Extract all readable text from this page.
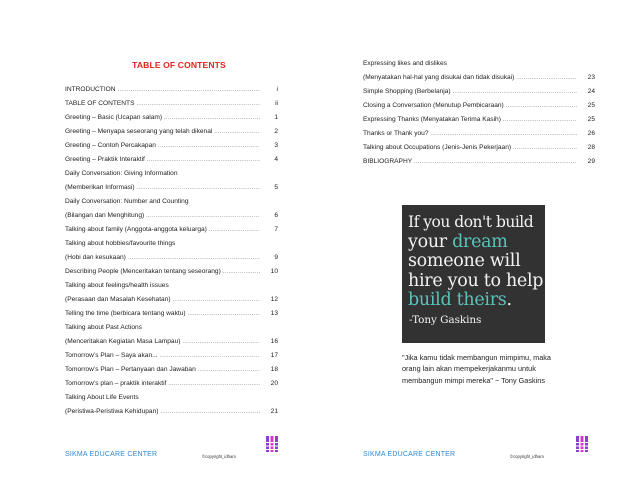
TABLE OF CONTENTS
INTRODUCTION .....	i
TABLE OF CONTENTS .....	ii
Greeting – Basic (Ucapan salam) .....	1
Greeting – Menyapa seseorang yang telah dikenal .....	2
Greeting – Contoh Percakapan .....	3
Greeting – Praktik Interaktif .....	4
Daily Conversation: Giving Information
(Memberikan Informasi) .....	5
Daily Conversation: Number and Counting
(Bilangan dan Menghitung) .....	6
Talking about family (Anggota-anggota keluarga) .....	7
Talking about hobbies/favourite things
(Hobi dan kesukaan) .....	9
Describing People (Menceritakan tentang seseorang) .....	10
Talking about feelings/health issues
(Perasaan dan Masalah Kesehatan) .....	12
Telling the time (berbicara tentang waktu) .....	13
Talking about Past Actions
(Menceritakan Kegiatan Masa Lampau) .....	16
Tomorrow’s Plan – Saya akan... .....	17
Tomorrow’s Plan – Pertanyaan dan Jawaban .....	18
Tomorrow’s plan – praktik interaktif .....	20
Talking About Life Events
(Peristiwa-Peristiwa Kehidupan) .....	21
SIKMA EDUCARE CENTER	©copyright_idham
Expressing likes and dislikes
(Menyatakan hal-hal yang disukai dan tidak disukai) .....	23
Simple Shopping (Berbelanja) .....	24
Closing a Conversation (Menutup Pembicaraan) .....	25
Expressing Thanks (Menyatakan Terima Kasih) .....	25
Thanks or Thank you? .....	26
Talking about Occupations (Jenis-Jenis Pekerjaan) .....	28
BIBLIOGRAPHY .....	29
If you don't build
your dream
someone will
hire you to help
build theirs.
-Tony Gaskins
"Jika kamu tidak membangun mimpimu, maka orang lain akan mempekerjakanmu untuk membangun mimpi mereka" ~ Tony Gaskins
SIKMA EDUCARE CENTER	©copyright_idham
